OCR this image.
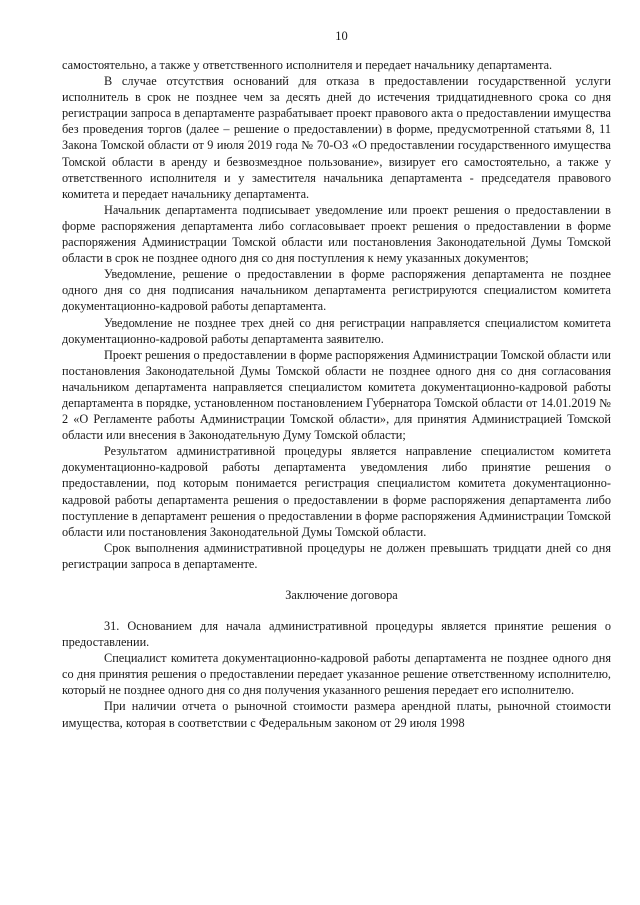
10

самостоятельно, а также у ответственного исполнителя и передает начальнику департамента.

В случае отсутствия оснований для отказа в предоставлении государственной услуги исполнитель в срок не позднее чем за десять дней до истечения тридцатидневного срока со дня регистрации запроса в департаменте разрабатывает проект правового акта о предоставлении имущества без проведения торгов (далее – решение о предоставлении) в форме, предусмотренной статьями 8, 11 Закона Томской области от 9 июля 2019 года № 70-ОЗ «О предоставлении государственного имущества Томской области в аренду и безвозмездное пользование», визирует его самостоятельно, а также у ответственного исполнителя и у заместителя начальника департамента - председателя правового комитета и передает начальнику департамента.

Начальник департамента подписывает уведомление или проект решения о предоставлении в форме распоряжения департамента либо согласовывает проект решения о предоставлении в форме распоряжения Администрации Томской области или постановления Законодательной Думы Томской области в срок не позднее одного дня со дня поступления к нему указанных документов;

Уведомление, решение о предоставлении в форме распоряжения департамента не позднее одного дня со дня подписания начальником департамента регистрируются специалистом комитета документационно-кадровой работы департамента.

Уведомление не позднее трех дней со дня регистрации направляется специалистом комитета документационно-кадровой работы департамента заявителю.

Проект решения о предоставлении в форме распоряжения Администрации Томской области или постановления Законодательной Думы Томской области не позднее одного дня со дня согласования начальником департамента направляется специалистом комитета документационно-кадровой работы департамента в порядке, установленном постановлением Губернатора Томской области от 14.01.2019 № 2 «О Регламенте работы Администрации Томской области», для принятия Администрацией Томской области или внесения в Законодательную Думу Томской области;

Результатом административной процедуры является направление специалистом комитета документационно-кадровой работы департамента уведомления либо принятие решения о предоставлении, под которым понимается регистрация специалистом комитета документационно-кадровой работы департамента решения о предоставлении в форме распоряжения департамента либо поступление в департамент решения о предоставлении в форме распоряжения Администрации Томской области или постановления Законодательной Думы Томской области.

Срок выполнения административной процедуры не должен превышать тридцати дней со дня регистрации запроса в департаменте.

Заключение договора

31. Основанием для начала административной процедуры является принятие решения о предоставлении.

Специалист комитета документационно-кадровой работы департамента не позднее одного дня со дня принятия решения о предоставлении передает указанное решение ответственному исполнителю, который не позднее одного дня со дня получения указанного решения передает его исполнителю.

При наличии отчета о рыночной стоимости размера арендной платы, рыночной стоимости имущества, которая в соответствии с Федеральным законом от 29 июля 1998
